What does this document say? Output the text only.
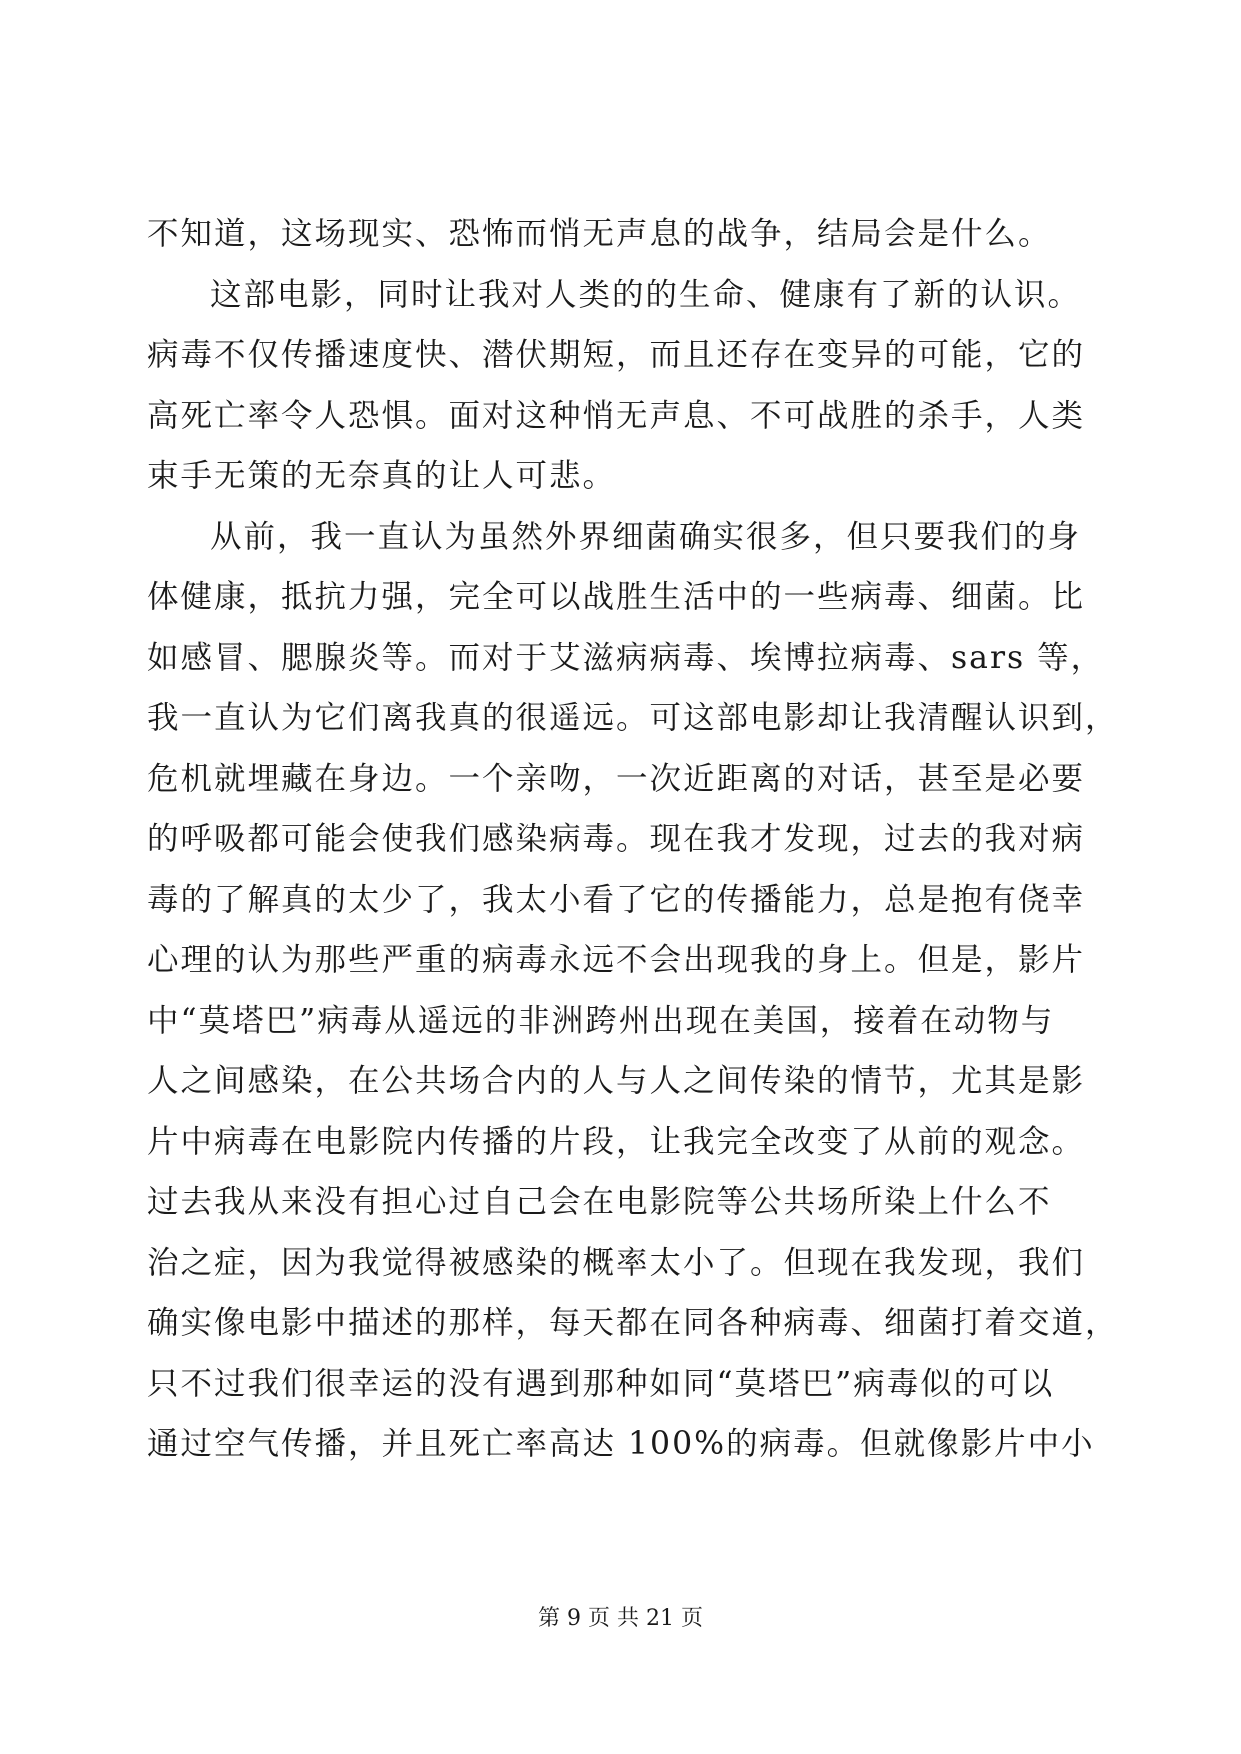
不知道，这场现实、恐怖而悄无声息的战争，结局会是什么。
这部电影，同时让我对人类的的生命、健康有了新的认识。
病毒不仅传播速度快、潜伏期短，而且还存在变异的可能，它的
高死亡率令人恐惧。面对这种悄无声息、不可战胜的杀手，人类
束手无策的无奈真的让人可悲。
从前，我一直认为虽然外界细菌确实很多，但只要我们的身
体健康，抵抗力强，完全可以战胜生活中的一些病毒、细菌。比
如感冒、腮腺炎等。而对于艾滋病病毒、埃博拉病毒、sars 等，
我一直认为它们离我真的很遥远。可这部电影却让我清醒认识到，
危机就埋藏在身边。一个亲吻，一次近距离的对话，甚至是必要
的呼吸都可能会使我们感染病毒。现在我才发现，过去的我对病
毒的了解真的太少了，我太小看了它的传播能力，总是抱有侥幸
心理的认为那些严重的病毒永远不会出现我的身上。但是，影片
中“莫塔巴”病毒从遥远的非洲跨州出现在美国，接着在动物与
人之间感染，在公共场合内的人与人之间传染的情节，尤其是影
片中病毒在电影院内传播的片段，让我完全改变了从前的观念。
过去我从来没有担心过自己会在电影院等公共场所染上什么不
治之症，因为我觉得被感染的概率太小了。但现在我发现，我们
确实像电影中描述的那样，每天都在同各种病毒、细菌打着交道，
只不过我们很幸运的没有遇到那种如同“莫塔巴”病毒似的可以
通过空气传播，并且死亡率高达 100%的病毒。但就像影片中小
第 9 页 共 21 页
